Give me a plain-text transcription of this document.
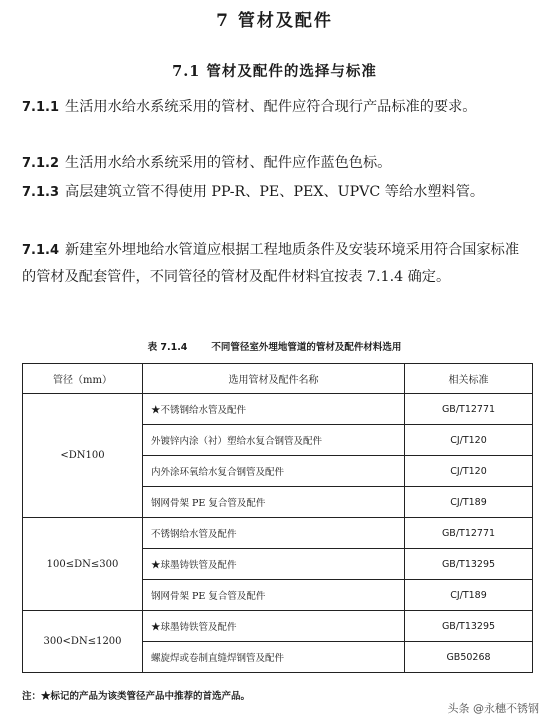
7 管材及配件
7.1 管材及配件的选择与标准
7.1.1 生活用水给水系统采用的管材、配件应符合现行产品标准的要求。
7.1.2 生活用水给水系统采用的管材、配件应作蓝色色标。
7.1.3 高层建筑立管不得使用 PP-R、PE、PEX、UPVC 等给水塑料管。
7.1.4 新建室外埋地给水管道应根据工程地质条件及安装环境采用符合国家标准的管材及配套管件，不同管径的管材及配件材料宜按表 7.1.4 确定。
表 7.1.4	不同管径室外埋地管道的管材及配件材料选用
管径（mm）	选用管材及配件名称	相关标准
<DN100	★不锈钢给水管及配件	GB/T12771
	外镀锌内涂（衬）塑给水复合钢管及配件	CJ/T120
	内外涂环氧给水复合钢管及配件	CJ/T120
	钢网骨架 PE 复合管及配件	CJ/T189
100≤DN≤300	不锈钢给水管及配件	GB/T12771
	★球墨铸铁管及配件	GB/T13295
	钢网骨架 PE 复合管及配件	CJ/T189
300<DN≤1200	★球墨铸铁管及配件	GB/T13295
	螺旋焊或卷制直缝焊钢管及配件	GB50268
注：★标记的产品为该类管径产品中推荐的首选产品。
头条 @永穗不锈钢
